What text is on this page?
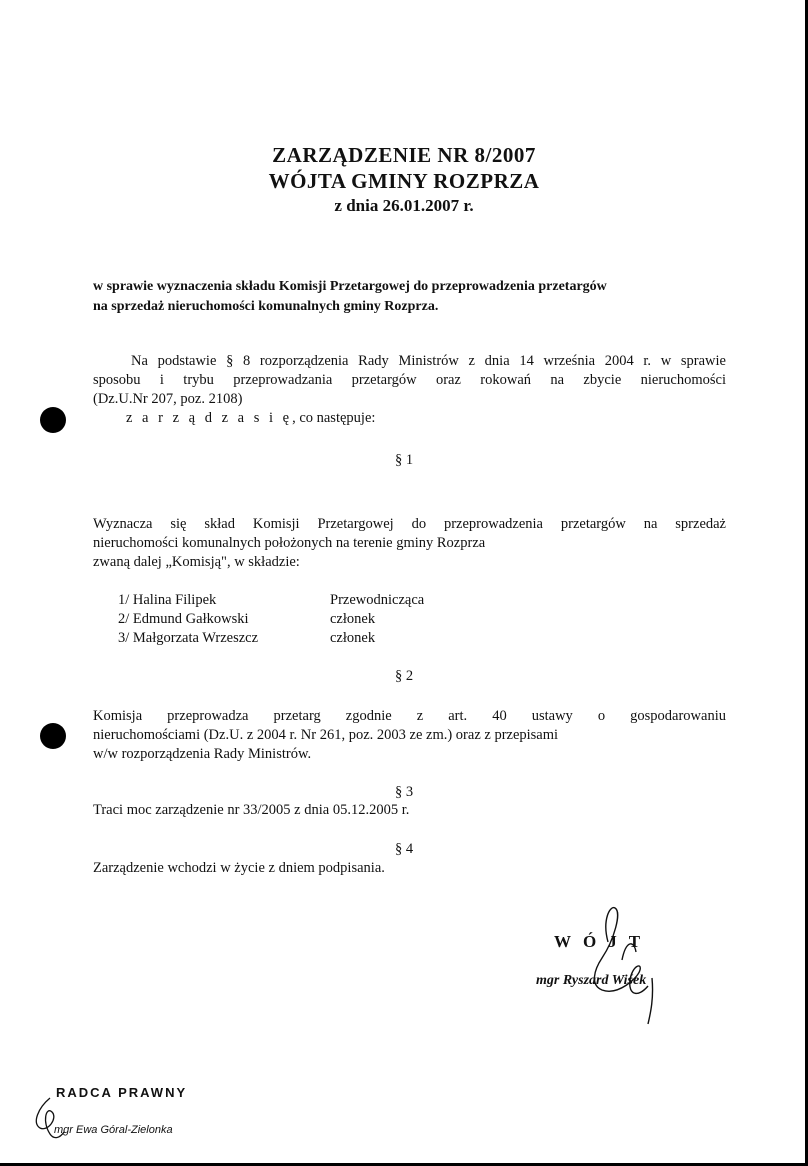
ZARZĄDZENIE NR 8/2007
WÓJTA GMINY ROZPRZA
z dnia 26.01.2007 r.
w sprawie wyznaczenia składu Komisji Przetargowej do przeprowadzenia przetargów
na sprzedaż nieruchomości komunalnych gminy Rozprza.
Na podstawie § 8 rozporządzenia Rady Ministrów z dnia 14 września 2004 r. w sprawie
sposobu i trybu przeprowadzania przetargów oraz rokowań na zbycie nieruchomości
(Dz.U.Nr 207, poz. 2108)
z a r z ą d z a s i ę, co następuje:
§ 1
Wyznacza się skład Komisji Przetargowej do przeprowadzenia przetargów na sprzedaż
nieruchomości komunalnych położonych na terenie gminy Rozprza
zwaną dalej „Komisją", w składzie:
1/ Halina Filipek	Przewodnicząca
2/ Edmund Gałkowski	członek
3/ Małgorzata Wrzeszcz	członek
§ 2
Komisja przeprowadza przetarg zgodnie z art. 40 ustawy o gospodarowaniu
nieruchomościami (Dz.U. z 2004 r. Nr 261, poz. 2003 ze zm.) oraz z przepisami
w/w rozporządzenia Rady Ministrów.
§ 3
Traci moc zarządzenie nr 33/2005 z dnia 05.12.2005 r.
§ 4
Zarządzenie wchodzi w życie z dniem podpisania.
WÓJT
mgr Ryszard Wiśek
RADCA PRAWNY
mgr Ewa Góral-Zielonka
